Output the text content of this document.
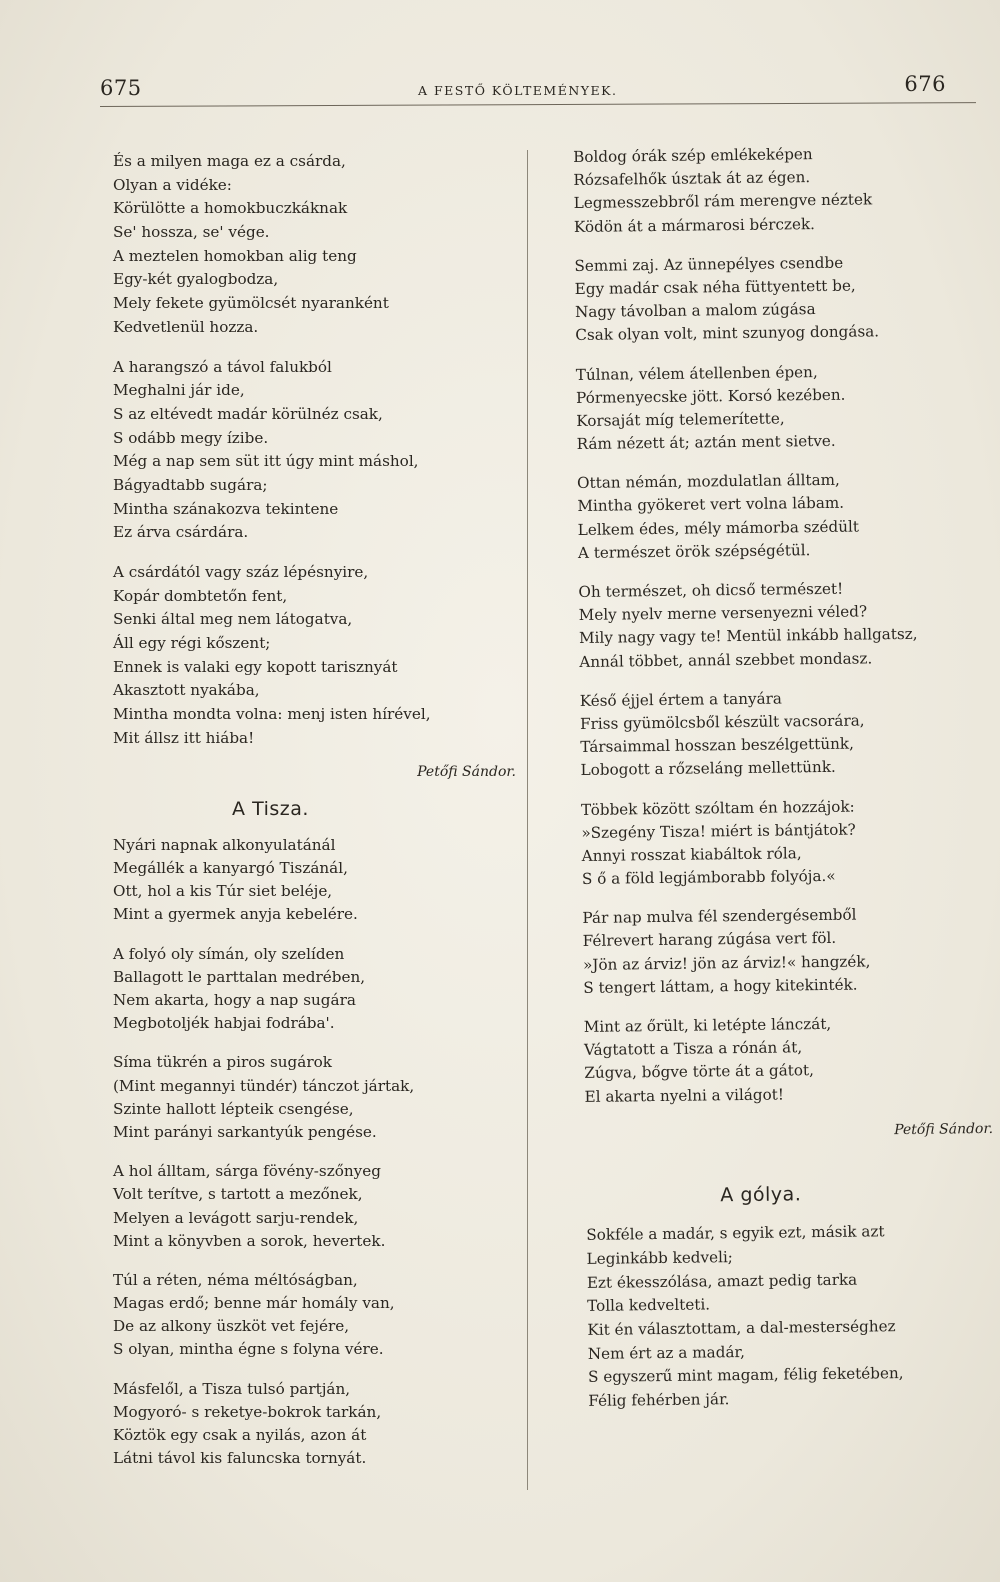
675	A FESTŐ KÖLTEMÉNYEK.	676
És a milyen maga ez a csárda,
Olyan a vidéke:
Körülötte a homokbuczkáknak
Se' hossza, se' vége.
A meztelen homokban alig teng
Egy-két gyalogbodza,
Mely fekete gyümölcsét nyaranként
Kedvetlenül hozza.
A harangszó a távol falukból
Meghalni jár ide,
S az eltévedt madár körülnéz csak,
S odább megy ízibe.
Még a nap sem süt itt úgy mint máshol,
Bágyadtabb sugára;
Mintha szánakozva tekintene
Ez árva csárdára.
A csárdától vagy száz lépésnyire,
Kopár dombtetőn fent,
Senki által meg nem látogatva,
Áll egy régi kőszent;
Ennek is valaki egy kopott tarisznyát
Akasztott nyakába,
Mintha mondta volna: menj isten hírével,
Mit állsz itt hiába!
Petőfi Sándor.
A Tisza.
Nyári napnak alkonyulatánál
Megállék a kanyargó Tiszánál,
Ott, hol a kis Túr siet beléje,
Mint a gyermek anyja kebelére.
A folyó oly símán, oly szelíden
Ballagott le parttalan medrében,
Nem akarta, hogy a nap sugára
Megbotoljék habjai fodrába'.
Síma tükrén a piros sugárok
(Mint megannyi tündér) tánczot jártak,
Szinte hallott lépteik csengése,
Mint parányi sarkantyúk pengése.
A hol álltam, sárga fövény-szőnyeg
Volt terítve, s tartott a mezőnek,
Melyen a levágott sarju-rendek,
Mint a könyvben a sorok, hevertek.
Túl a réten, néma méltóságban,
Magas erdő; benne már homály van,
De az alkony üszköt vet fejére,
S olyan, mintha égne s folyna vére.
Másfelől, a Tisza tulsó partján,
Mogyoró- s reketye-bokrok tarkán,
Köztök egy csak a nyilás, azon át
Látni távol kis faluncska tornyát.
Boldog órák szép emlékeképen
Rózsafelhők úsztak át az égen.
Legmesszebbről rám merengve néztek
Ködön át a mármarosi bérczek.
Semmi zaj. Az ünnepélyes csendbe
Egy madár csak néha füttyentett be,
Nagy távolban a malom zúgása
Csak olyan volt, mint szunyog dongása.
Túlnan, vélem átellenben épen,
Pórmenyecske jött. Korsó kezében.
Korsaját míg telemerítette,
Rám nézett át; aztán ment sietve.
Ottan némán, mozdulatlan álltam,
Mintha gyökeret vert volna lábam.
Lelkem édes, mély mámorba szédült
A természet örök szépségétül.
Oh természet, oh dicső természet!
Mely nyelv merne versenyezni véled?
Mily nagy vagy te! Mentül inkább hallgatsz,
Annál többet, annál szebbet mondasz.
Késő éjjel értem a tanyára
Friss gyümölcsből készült vacsorára,
Társaimmal hosszan beszélgettünk,
Lobogott a rőzseláng mellettünk.
Többek között szóltam én hozzájok:
»Szegény Tisza! miért is bántjátok?
Annyi rosszat kiabáltok róla,
S ő a föld legjámborabb folyója.«
Pár nap mulva fél szendergésemből
Félrevert harang zúgása vert föl.
»Jön az árviz! jön az árviz!« hangzék,
S tengert láttam, a hogy kitekinték.
Mint az őrült, ki letépte lánczát,
Vágtatott a Tisza a rónán át,
Zúgva, bőgve törte át a gátot,
El akarta nyelni a világot!
Petőfi Sándor.
A gólya.
Sokféle a madár, s egyik ezt, másik azt
Leginkább kedveli;
Ezt ékesszólása, amazt pedig tarka
Tolla kedvelteti.
Kit én választottam, a dal-mesterséghez
Nem ért az a madár,
S egyszerű mint magam, félig feketében,
Félig fehérben jár.
